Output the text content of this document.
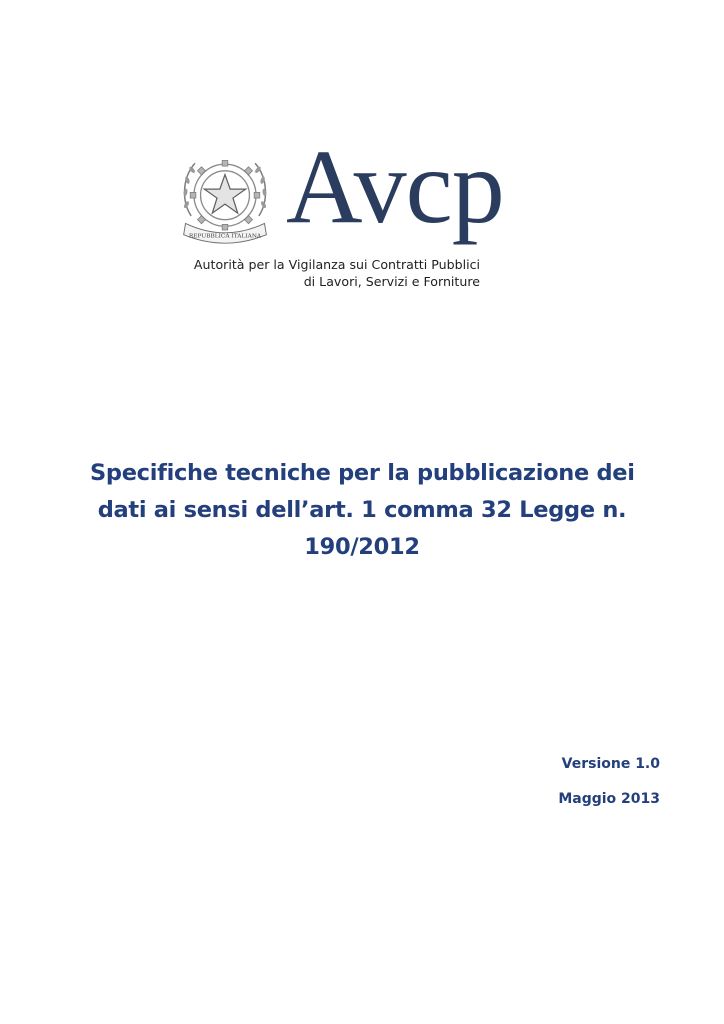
REPUBBLICA ITALIANA Avcp
Autorità per la Vigilanza sui Contratti Pubblici
di Lavori, Servizi e Forniture
Specifiche tecniche per la pubblicazione dei
dati ai sensi dell’art. 1 comma 32 Legge n.
190/2012
Versione 1.0
Maggio 2013
